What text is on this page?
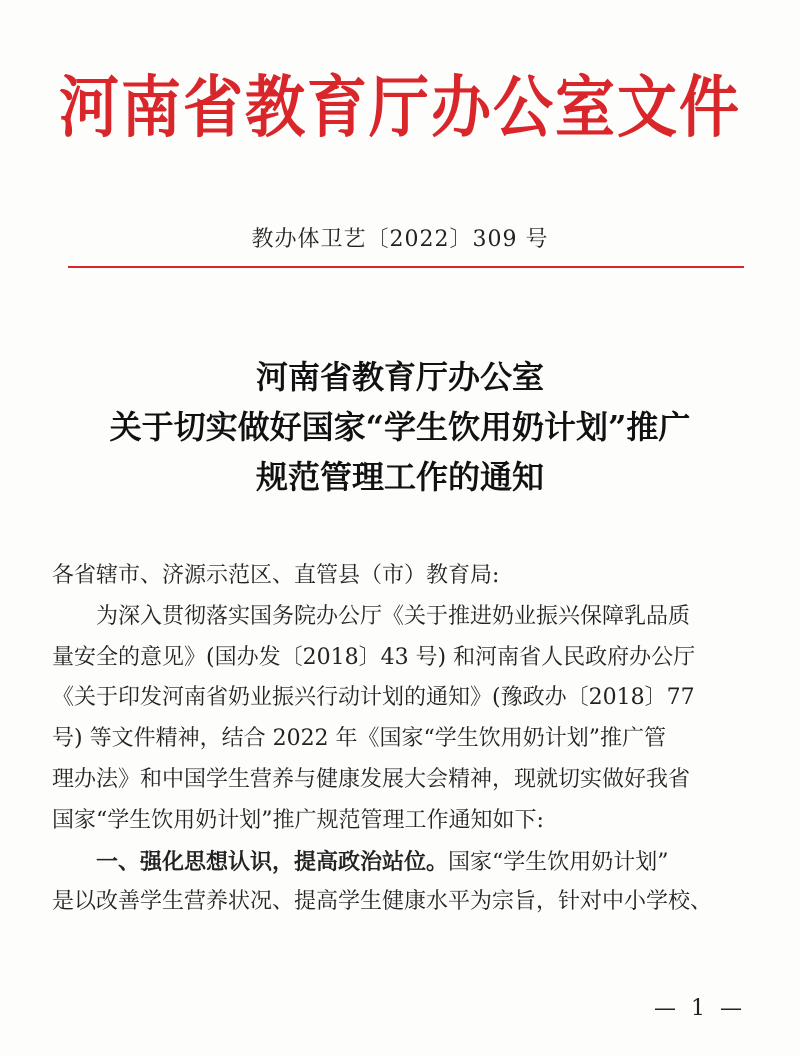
河南省教育厅办公室文件
教办体卫艺〔2022〕309 号
河南省教育厅办公室
关于切实做好国家“学生饮用奶计划”推广
规范管理工作的通知
各省辖市、济源示范区、直管县（市）教育局:
为深入贯彻落实国务院办公厅《关于推进奶业振兴保障乳品质
量安全的意见》(国办发〔2018〕43 号) 和河南省人民政府办公厅
《关于印发河南省奶业振兴行动计划的通知》(豫政办〔2018〕77
号) 等文件精神，结合 2022 年《国家“学生饮用奶计划”推广管
理办法》和中国学生营养与健康发展大会精神，现就切实做好我省
国家“学生饮用奶计划”推广规范管理工作通知如下:
一、强化思想认识，提高政治站位。国家“学生饮用奶计划”
是以改善学生营养状况、提高学生健康水平为宗旨，针对中小学校、
— 1 —
